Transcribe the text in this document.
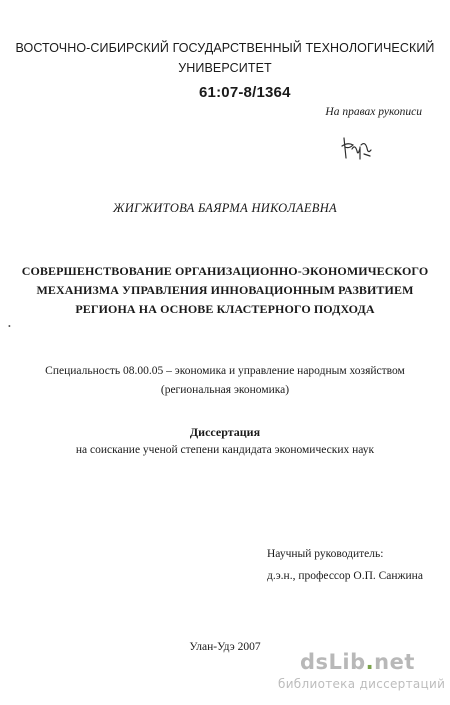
ВОСТОЧНО-СИБИРСКИЙ ГОСУДАРСТВЕННЫЙ ТЕХНОЛОГИЧЕСКИЙ
УНИВЕРСИТЕТ
61:07-8/1364
На правах рукописи
ЖИГЖИТОВА БАЯРМА НИКОЛАЕВНА
СОВЕРШЕНСТВОВАНИЕ ОРГАНИЗАЦИОННО-ЭКОНОМИЧЕСКОГО
МЕХАНИЗМА УПРАВЛЕНИЯ ИННОВАЦИОННЫМ РАЗВИТИЕМ
РЕГИОНА НА ОСНОВЕ КЛАСТЕРНОГО ПОДХОДА
•
Специальность 08.00.05 – экономика и управление народным хозяйством
(региональная экономика)
Диссертация
на соискание ученой степени кандидата экономических наук
Научный руководитель:
д.э.н., профессор О.П. Санжина
Улан-Удэ 2007
dsLib.net
библиотека диссертаций
